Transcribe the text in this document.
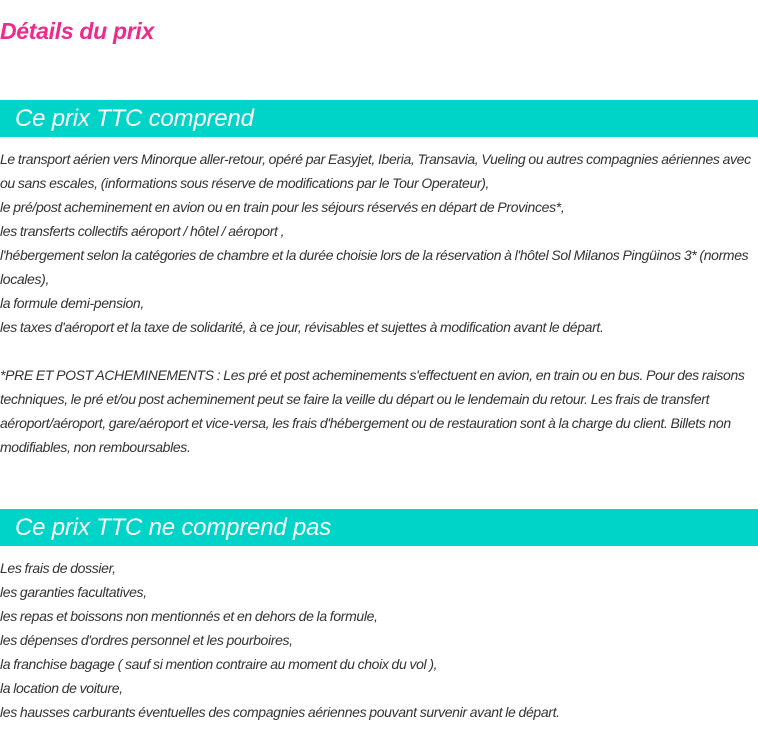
Détails du prix
Ce prix TTC comprend

Le transport aérien vers Minorque aller-retour, opéré par Easyjet, Iberia, Transavia, Vueling ou autres compagnies aériennes avec ou sans escales, (informations sous réserve de modifications par le Tour Operateur),

le pré/post acheminement en avion ou en train pour les séjours réservés en départ de Provinces*,

les transferts collectifs aéroport / hôtel / aéroport ,

l'hébergement selon la catégories de chambre et la durée choisie lors de la réservation à l'hôtel Sol Milanos Pingüinos 3* (normes locales),

la formule demi-pension,

les taxes d'aéroport et la taxe de solidarité, à ce jour, révisables et sujettes à modification avant le départ.

*PRE ET POST ACHEMINEMENTS : Les pré et post acheminements s'effectuent en avion, en train ou en bus. Pour des raisons techniques, le pré et/ou post acheminement peut se faire la veille du départ ou le lendemain du retour. Les frais de transfert aéroport/aéroport, gare/aéroport et vice-versa, les frais d'hébergement ou de restauration sont à la charge du client. Billets non modifiables, non remboursables.

Ce prix TTC ne comprend pas

Les frais de dossier,

les garanties facultatives,

les repas et boissons non mentionnés et en dehors de la formule,

les dépenses d'ordres personnel et les pourboires,

la franchise bagage ( sauf si mention contraire au moment du choix du vol ),

la location de voiture,

les hausses carburants éventuelles des compagnies aériennes pouvant survenir avant le départ.
